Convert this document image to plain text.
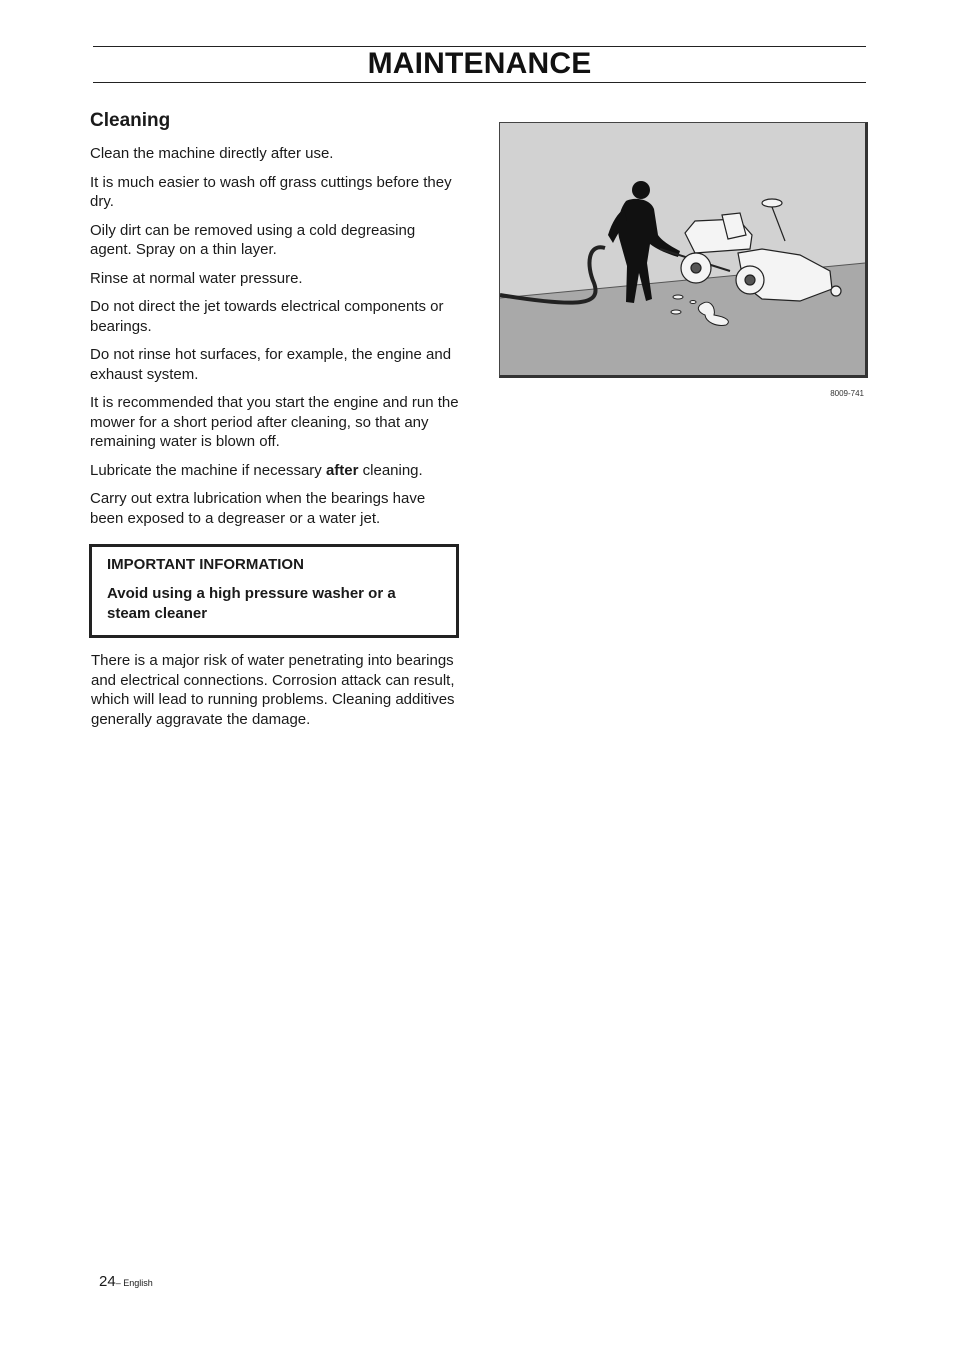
MAINTENANCE
Cleaning

Clean the machine directly after use.

It is much easier to wash off grass cuttings before they dry.

Oily dirt can be removed using a cold degreasing agent. Spray on a thin layer.

Rinse at normal water pressure.

Do not direct the jet towards electrical components or bearings.

Do not rinse hot surfaces, for example, the engine and exhaust system.

It is recommended that you start the engine and run the mower for a short period after cleaning, so that any remaining water is blown off.

Lubricate the machine if necessary after cleaning.

Carry out extra lubrication when the bearings have been exposed to a degreaser or a water jet.

IMPORTANT INFORMATION
Avoid using a high pressure washer or a steam cleaner
There is a major risk of water penetrating into bearings and electrical connections. Corrosion attack can result, which will lead to running problems. Cleaning additives generally aggravate the damage.
8009-741
24– English
